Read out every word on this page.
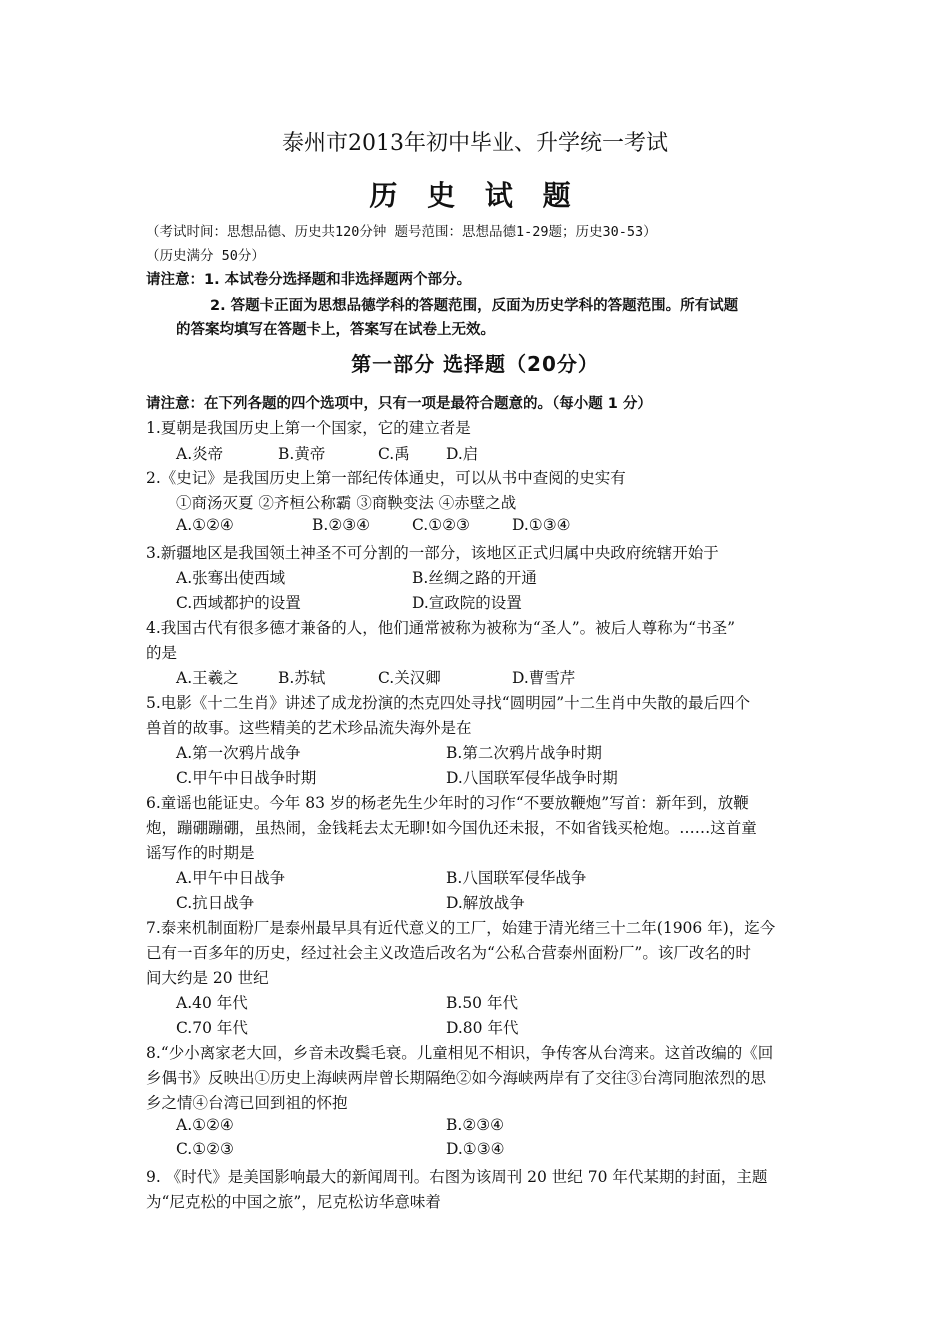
泰州市2013年初中毕业、升学统一考试
历 史 试 题
（考试时间：思想品德、历史共120分钟 题号范围：思想品德1-29题；历史30-53）
（历史满分 50分）
请注意：1. 本试卷分选择题和非选择题两个部分。
2. 答题卡正面为思想品德学科的答题范围，反面为历史学科的答题范围。所有试题
的答案均填写在答题卡上，答案写在试卷上无效。
第一部分 选择题（20分）
请注意：在下列各题的四个选项中，只有一项是最符合题意的。（每小题 1 分）
1.夏朝是我国历史上第一个国家，它的建立者是
A.炎帝	B.黄帝	C.禹 D.启
2.《史记》是我国历史上第一部纪传体通史，可以从书中查阅的史实有
①商汤灭夏 ②齐桓公称霸 ③商鞅变法 ④赤壁之战
A.①②④	B.②③④	C.①②③	D.①③④
3.新疆地区是我国领土神圣不可分割的一部分，该地区正式归属中央政府统辖开始于
A.张骞出使西域	B.丝绸之路的开通
C.西域都护的设置	D.宣政院的设置
4.我国古代有很多德才兼备的人，他们通常被称为被称为“圣人”。被后人尊称为“书圣”
的是
A.王羲之	B.苏轼	C.关汉卿	D.曹雪芹
5.电影《十二生肖》讲述了成龙扮演的杰克四处寻找“圆明园”十二生肖中失散的最后四个
兽首的故事。这些精美的艺术珍品流失海外是在
A.第一次鸦片战争	B.第二次鸦片战争时期
C.甲午中日战争时期	D.八国联军侵华战争时期
6.童谣也能证史。今年 83 岁的杨老先生少年时的习作“不要放鞭炮”写首：新年到，放鞭
炮，蹦硼蹦硼，虽热闹，金钱耗去太无聊!如今国仇还未报，不如省钱买枪炮。……这首童
谣写作的时期是
A.甲午中日战争	B.八国联军侵华战争
C.抗日战争	D.解放战争
7.泰来机制面粉厂是泰州最早具有近代意义的工厂，始建于清光绪三十二年(1906 年)，迄今
已有一百多年的历史，经过社会主义改造后改名为“公私合营泰州面粉厂”。该厂改名的时
间大约是 20 世纪
A.40 年代	B.50 年代
C.70 年代	D.80 年代
8.“少小离家老大回，乡音未改鬓毛衰。儿童相见不相识，争传客从台湾来。这首改编的《回
乡偶书》反映出①历史上海峡两岸曾长期隔绝②如今海峡两岸有了交往③台湾同胞浓烈的思
乡之情④台湾已回到祖的怀抱
A.①②④	B.②③④
C.①②③	D.①③④
9. 《时代》是美国影响最大的新闻周刊。右图为该周刊 20 世纪 70 年代某期的封面，主题
为“尼克松的中国之旅”，尼克松访华意味着
